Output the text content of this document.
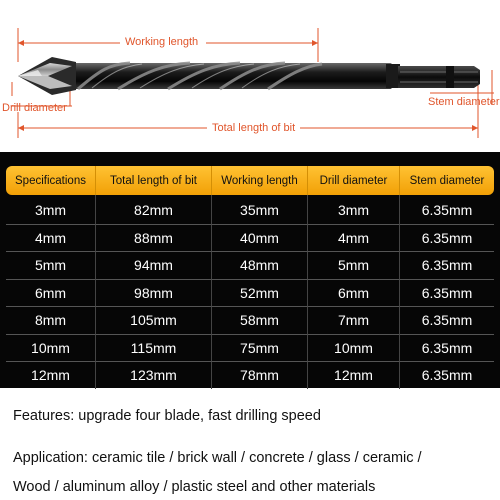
Working length
Drill diameter	Stem diameter
Total length of bit
Specifications	Total length of bit	Working length	Drill diameter	Stem diameter
3mm	82mm	35mm	3mm	6.35mm
4mm	88mm	40mm	4mm	6.35mm
5mm	94mm	48mm	5mm	6.35mm
6mm	98mm	52mm	6mm	6.35mm
8mm	105mm	58mm	7mm	6.35mm
10mm	115mm	75mm	10mm	6.35mm
12mm	123mm	78mm	12mm	6.35mm
Features: upgrade four blade, fast drilling speed
Application: ceramic tile / brick wall / concrete / glass / ceramic /
Wood / aluminum alloy / plastic steel and other materials
